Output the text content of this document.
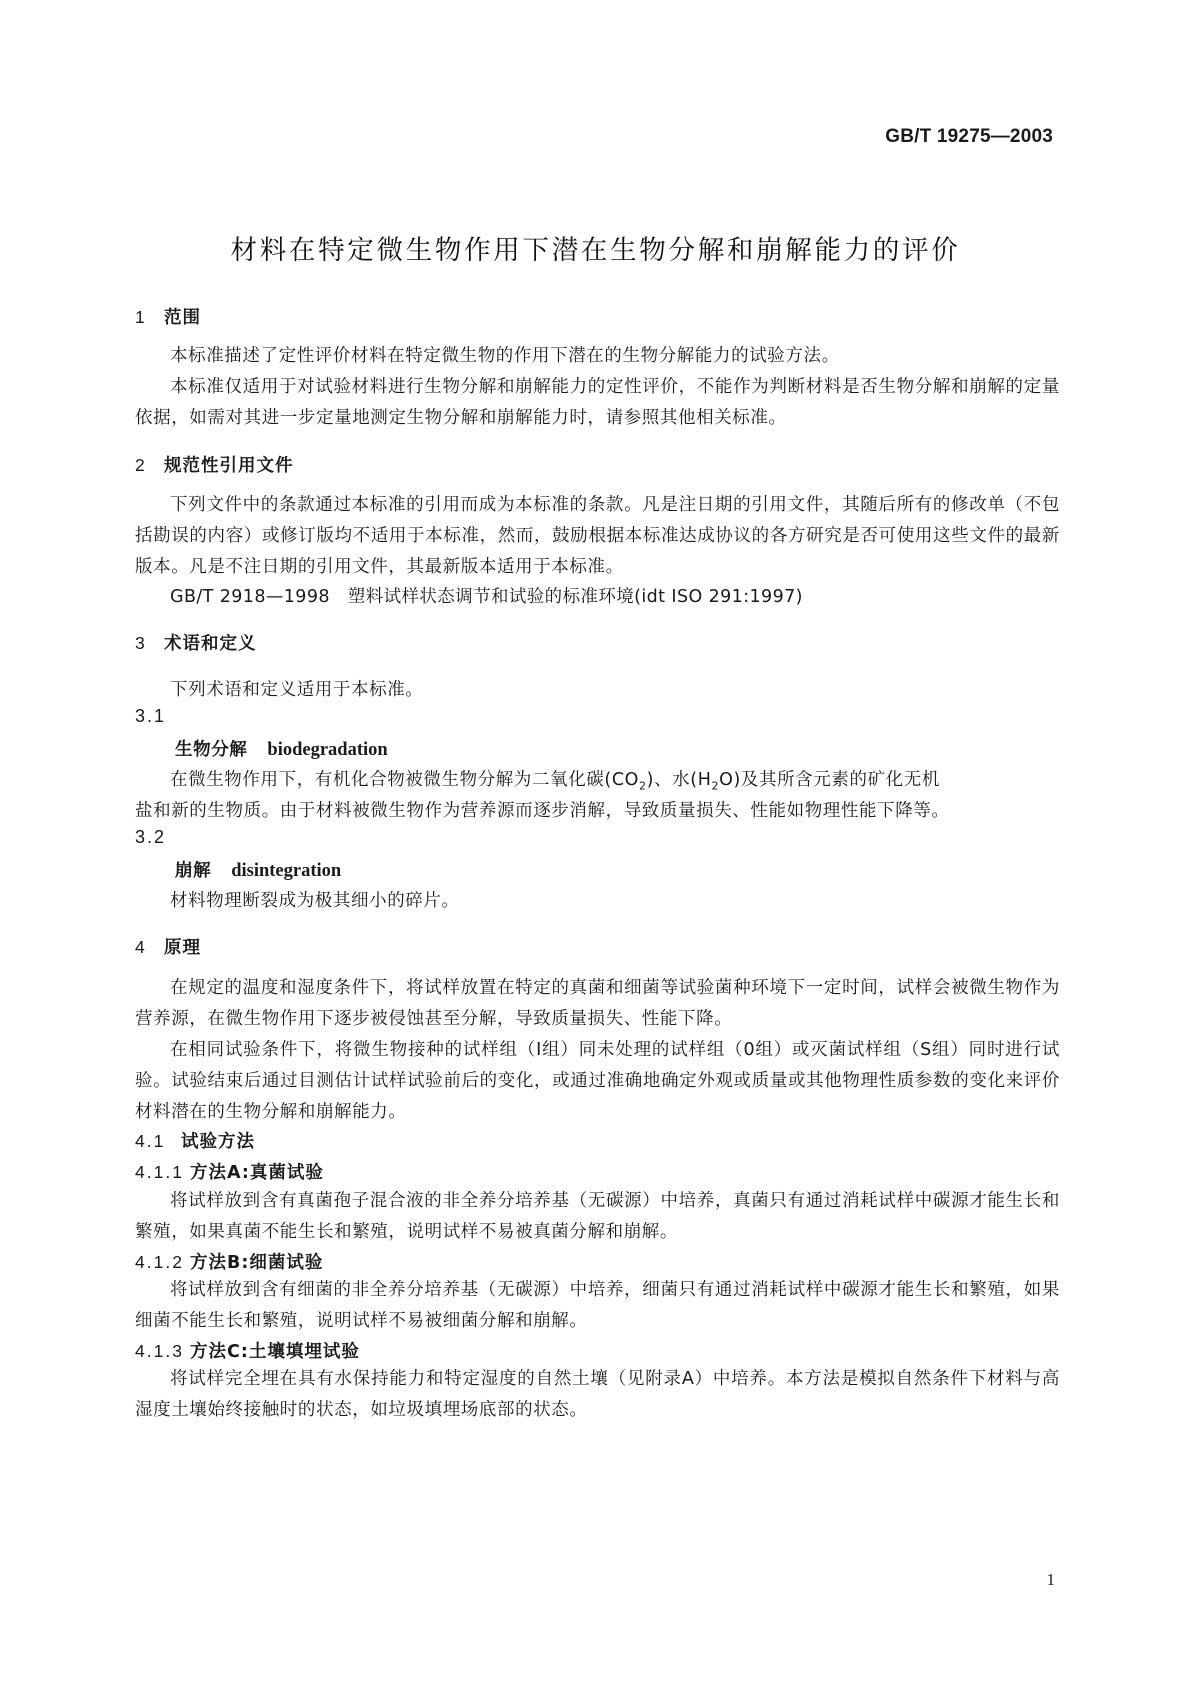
GB/T 19275—2003
材料在特定微生物作用下潜在生物分解和崩解能力的评价
1 范围
本标准描述了定性评价材料在特定微生物的作用下潜在的生物分解能力的试验方法。
本标准仅适用于对试验材料进行生物分解和崩解能力的定性评价，不能作为判断材料是否生物分解和崩解的定量依据，如需对其进一步定量地测定生物分解和崩解能力时，请参照其他相关标准。
2 规范性引用文件
下列文件中的条款通过本标准的引用而成为本标准的条款。凡是注日期的引用文件，其随后所有的修改单（不包括勘误的内容）或修订版均不适用于本标准，然而，鼓励根据本标准达成协议的各方研究是否可使用这些文件的最新版本。凡是不注日期的引用文件，其最新版本适用于本标准。
GB/T 2918—1998　塑料试样状态调节和试验的标准环境(idt ISO 291:1997)
3 术语和定义
下列术语和定义适用于本标准。
3.1
生物分解 biodegradation
在微生物作用下，有机化合物被微生物分解为二氧化碳$(CO_2)$、水$(H_2O)$及其所含元素的矿化无机
盐和新的生物质。由于材料被微生物作为营养源而逐步消解，导致质量损失、性能如物理性能下降等。
3.2
崩解 disintegration
材料物理断裂成为极其细小的碎片。
4 原理
在规定的温度和湿度条件下，将试样放置在特定的真菌和细菌等试验菌种环境下一定时间，试样会被微生物作为营养源，在微生物作用下逐步被侵蚀甚至分解，导致质量损失、性能下降。
在相同试验条件下，将微生物接种的试样组（Ⅰ组）同未处理的试样组（0组）或灭菌试样组（S组）同时进行试验。试验结束后通过目测估计试样试验前后的变化，或通过准确地确定外观或质量或其他物理性质参数的变化来评价材料潜在的生物分解和崩解能力。
4.1 试验方法
4.1.1 方法A:真菌试验
将试样放到含有真菌孢子混合液的非全养分培养基（无碳源）中培养，真菌只有通过消耗试样中碳源才能生长和繁殖，如果真菌不能生长和繁殖，说明试样不易被真菌分解和崩解。
4.1.2 方法B:细菌试验
将试样放到含有细菌的非全养分培养基（无碳源）中培养，细菌只有通过消耗试样中碳源才能生长和繁殖，如果细菌不能生长和繁殖，说明试样不易被细菌分解和崩解。
4.1.3 方法C:土壤填埋试验
将试样完全埋在具有水保持能力和特定湿度的自然土壤（见附录A）中培养。本方法是模拟自然条件下材料与高湿度土壤始终接触时的状态，如垃圾填埋场底部的状态。
1
